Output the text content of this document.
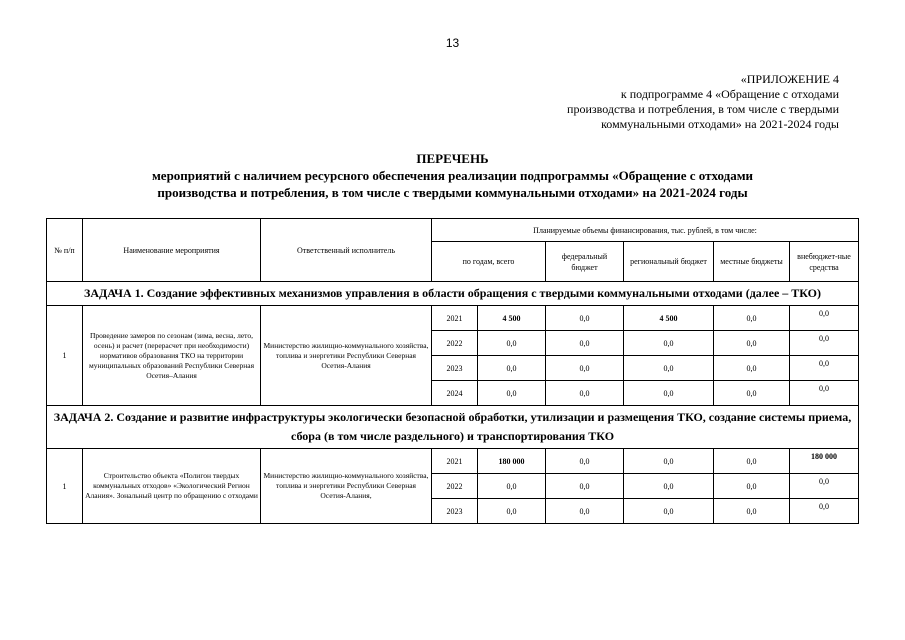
13
«ПРИЛОЖЕНИЕ 4
к подпрограмме 4 «Обращение с отходами
производства и потребления, в том числе с твердыми
коммунальными отходами» на 2021-2024 годы
ПЕРЕЧЕНЬ
мероприятий с наличием ресурсного обеспечения реализации подпрограммы «Обращение с отходами
производства и потребления, в том числе с твердыми коммунальными отходами» на 2021-2024 годы
№ п/п	Наименование мероприятия	Ответственный исполнитель	Планируемые объемы финансирования, тыс. рублей, в том числе:					
			по годам, всего		федеральный бюджет	региональный бюджет	местные бюджеты	внебюджет-ные средства
ЗАДАЧА 1. Создание эффективных механизмов управления в области обращения с твердыми коммунальными отходами (далее – ТКО)								
1	Проведение замеров по сезонам (зима, весна, лето, осень) и расчет (перерасчет при необходимости) нормативов образования ТКО на территории муниципальных образований Республики Северная Осетия–Алания	Министерство жилищно-коммунального хозяйства, топлива и энергетики Республики Северная Осетия-Алания	2021	4 500	0,0	4 500	0,0	0,0
			2022	0,0	0,0	0,0	0,0	0,0
			2023	0,0	0,0	0,0	0,0	0,0
			2024	0,0	0,0	0,0	0,0	0,0
ЗАДАЧА 2. Создание и развитие инфраструктуры экологически безопасной обработки, утилизации и размещения ТКО, создание системы приема, сбора (в том числе раздельного) и транспортирования ТКО								
1	Строительство объекта «Полигон твердых коммунальных отходов» «Экологический Регион Алания». Зональный центр по обращению с отходами	Министерство жилищно-коммунального хозяйства, топлива и энергетики Республики Северная Осетия-Алания,	2021	180 000	0,0	0,0	0,0	180 000
			2022	0,0	0,0	0,0	0,0	0,0
			2023	0,0	0,0	0,0	0,0	0,0
